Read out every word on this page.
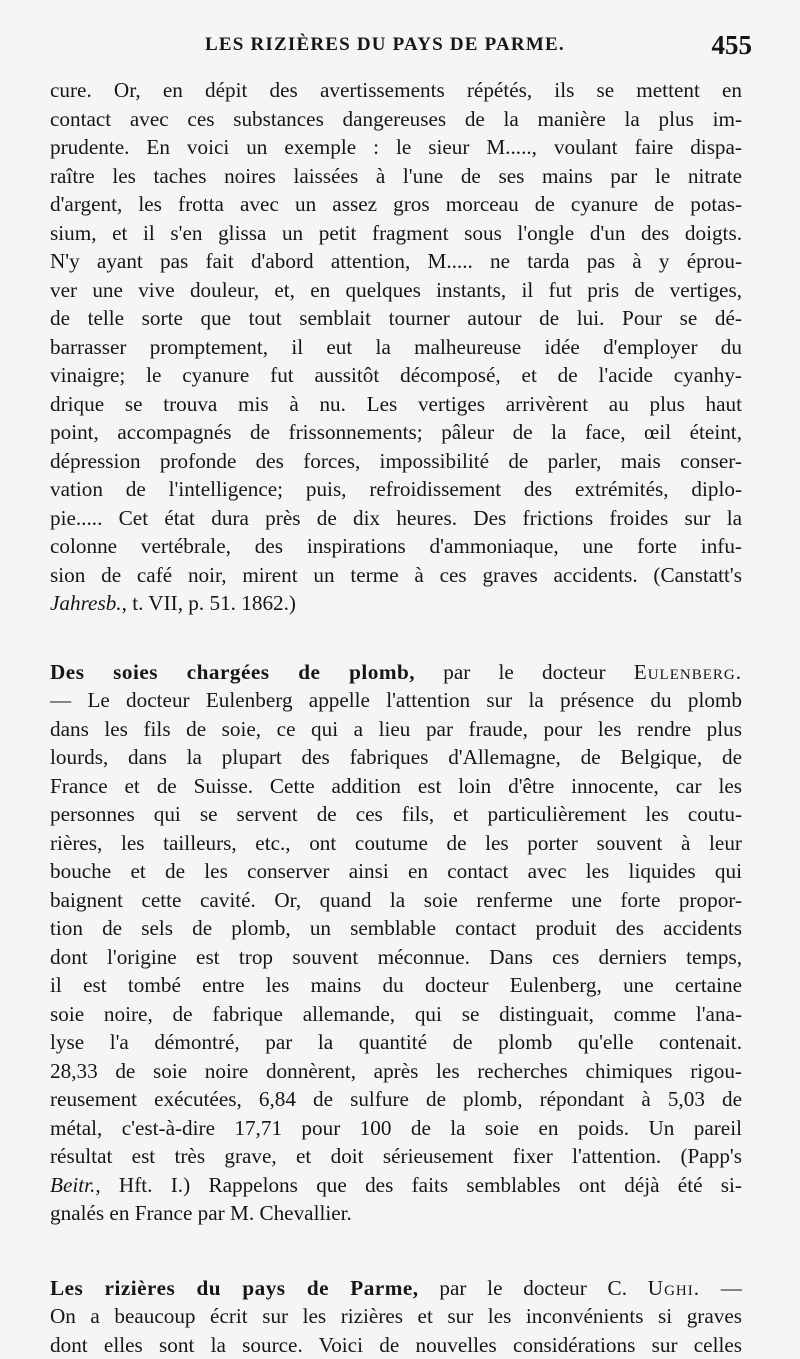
LES RIZIÈRES DU PAYS DE PARME.	455
cure. Or, en dépit des avertissements répétés, ils se mettent en
contact avec ces substances dangereuses de la manière la plus im-
prudente. En voici un exemple : le sieur M....., voulant faire dispa-
raître les taches noires laissées à l'une de ses mains par le nitrate
d'argent, les frotta avec un assez gros morceau de cyanure de potas-
sium, et il s'en glissa un petit fragment sous l'ongle d'un des doigts.
N'y ayant pas fait d'abord attention, M..... ne tarda pas à y éprou-
ver une vive douleur, et, en quelques instants, il fut pris de vertiges,
de telle sorte que tout semblait tourner autour de lui. Pour se dé-
barrasser promptement, il eut la malheureuse idée d'employer du
vinaigre; le cyanure fut aussitôt décomposé, et de l'acide cyanhy-
drique se trouva mis à nu. Les vertiges arrivèrent au plus haut
point, accompagnés de frissonnements; pâleur de la face, œil éteint,
dépression profonde des forces, impossibilité de parler, mais conser-
vation de l'intelligence; puis, refroidissement des extrémités, diplo-
pie..... Cet état dura près de dix heures. Des frictions froides sur la
colonne vertébrale, des inspirations d'ammoniaque, une forte infu-
sion de café noir, mirent un terme à ces graves accidents. (Canstatt's
Jahresb., t. VII, p. 51. 1862.)
Des soies chargées de plomb, par le docteur Eulenberg.
— Le docteur Eulenberg appelle l'attention sur la présence du plomb
dans les fils de soie, ce qui a lieu par fraude, pour les rendre plus
lourds, dans la plupart des fabriques d'Allemagne, de Belgique, de
France et de Suisse. Cette addition est loin d'être innocente, car les
personnes qui se servent de ces fils, et particulièrement les coutu-
rières, les tailleurs, etc., ont coutume de les porter souvent à leur
bouche et de les conserver ainsi en contact avec les liquides qui
baignent cette cavité. Or, quand la soie renferme une forte propor-
tion de sels de plomb, un semblable contact produit des accidents
dont l'origine est trop souvent méconnue. Dans ces derniers temps,
il est tombé entre les mains du docteur Eulenberg, une certaine
soie noire, de fabrique allemande, qui se distinguait, comme l'ana-
lyse l'a démontré, par la quantité de plomb qu'elle contenait.
28,33 de soie noire donnèrent, après les recherches chimiques rigou-
reusement exécutées, 6,84 de sulfure de plomb, répondant à 5,03 de
métal, c'est-à-dire 17,71 pour 100 de la soie en poids. Un pareil
résultat est très grave, et doit sérieusement fixer l'attention. (Papp's
Beitr., Hft. I.) Rappelons que des faits semblables ont déjà été si-
gnalés en France par M. Chevallier.
Les rizières du pays de Parme, par le docteur C. Ughi. —
On a beaucoup écrit sur les rizières et sur les inconvénients si graves
dont elles sont la source. Voici de nouvelles considérations sur celles
